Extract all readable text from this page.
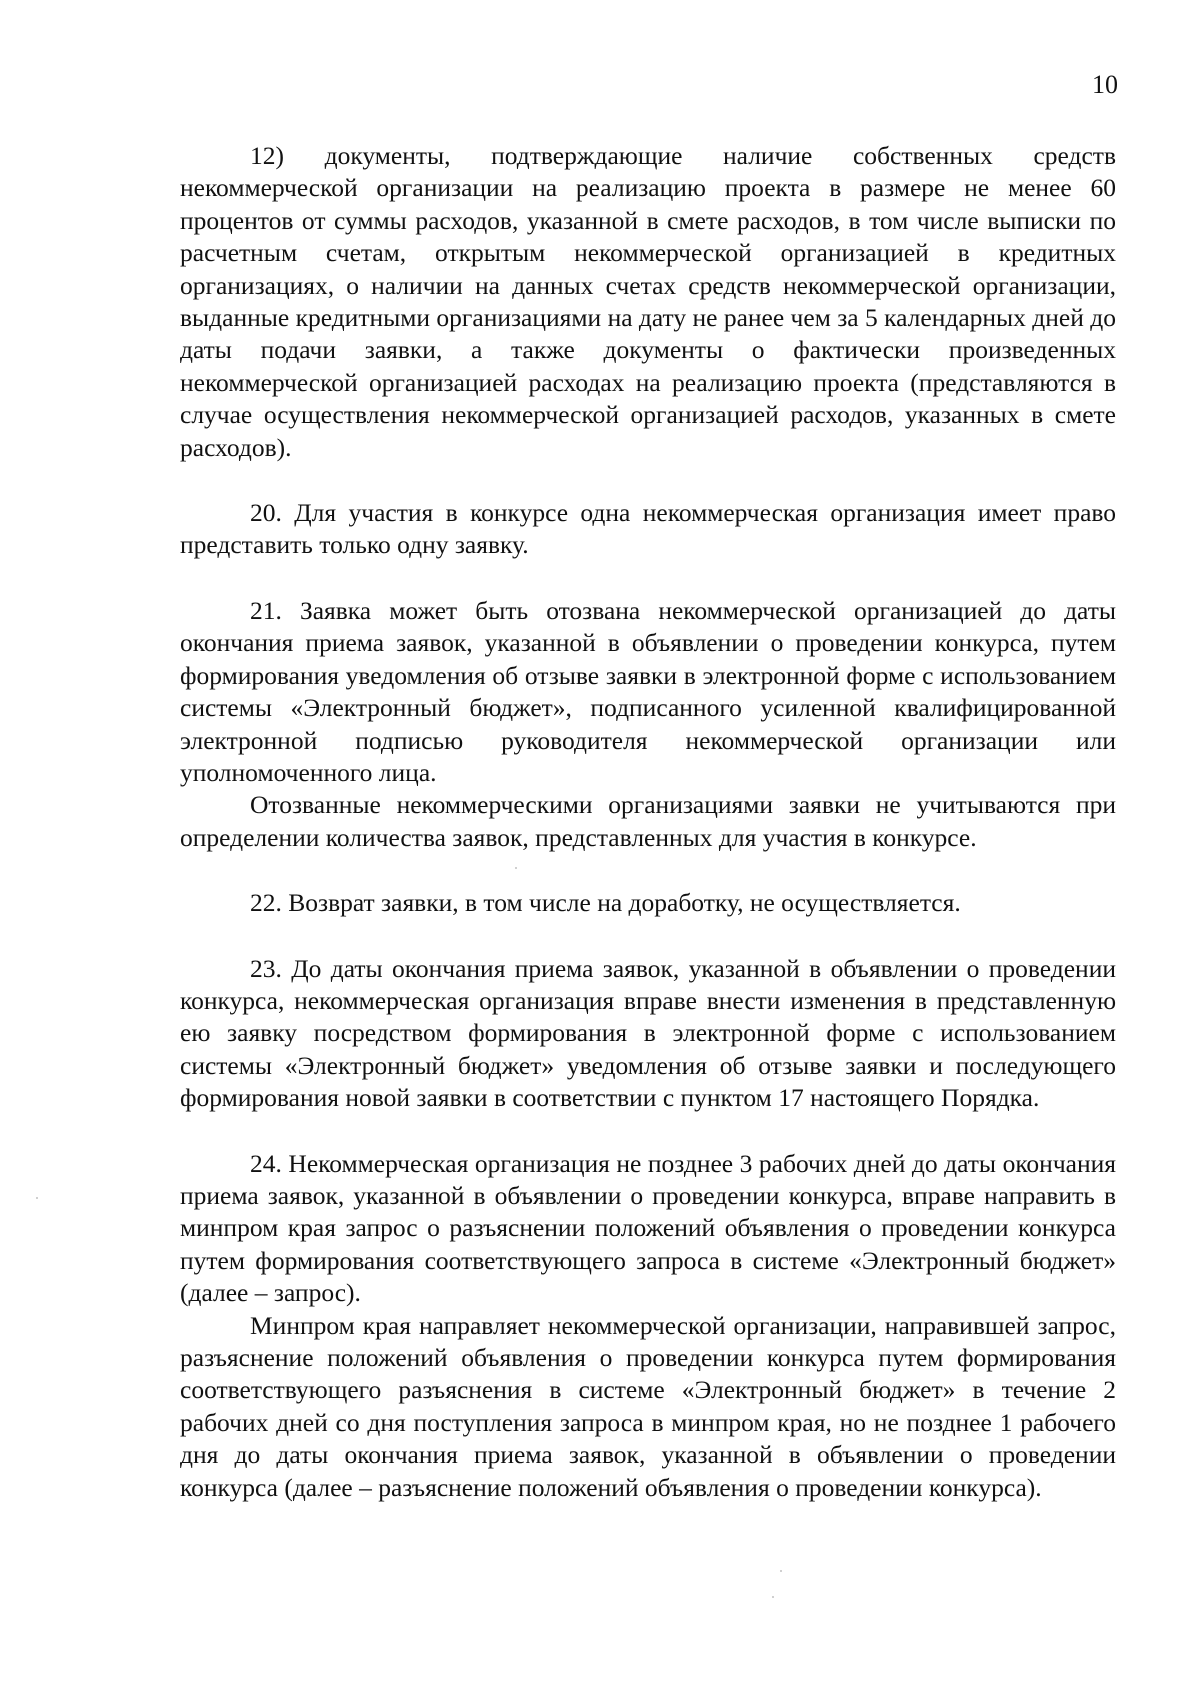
10

12) документы, подтверждающие наличие собственных средств некоммерческой организации на реализацию проекта в размере не менее 60 процентов от суммы расходов, указанной в смете расходов, в том числе выписки по расчетным счетам, открытым некоммерческой организацией в кредитных организациях, о наличии на данных счетах средств некоммерческой организации, выданные кредитными организациями на дату не ранее чем за 5 календарных дней до даты подачи заявки, а также документы о фактически произведенных некоммерческой организацией расходах на реализацию проекта (представляются в случае осуществления некоммерческой организацией расходов, указанных в смете расходов).

20. Для участия в конкурсе одна некоммерческая организация имеет право представить только одну заявку.

21. Заявка может быть отозвана некоммерческой организацией до даты окончания приема заявок, указанной в объявлении о проведении конкурса, путем формирования уведомления об отзыве заявки в электронной форме с использованием системы «Электронный бюджет», подписанного усиленной квалифицированной электронной подписью руководителя некоммерческой организации или уполномоченного лица.

Отозванные некоммерческими организациями заявки не учитываются при определении количества заявок, представленных для участия в конкурсе.

22. Возврат заявки, в том числе на доработку, не осуществляется.

23. До даты окончания приема заявок, указанной в объявлении о проведении конкурса, некоммерческая организация вправе внести изменения в представленную ею заявку посредством формирования в электронной форме с использованием системы «Электронный бюджет» уведомления об отзыве заявки и последующего формирования новой заявки в соответствии с пунктом 17 настоящего Порядка.

24. Некоммерческая организация не позднее 3 рабочих дней до даты окончания приема заявок, указанной в объявлении о проведении конкурса, вправе направить в минпром края запрос о разъяснении положений объявления о проведении конкурса путем формирования соответствующего запроса в системе «Электронный бюджет» (далее – запрос).

Минпром края направляет некоммерческой организации, направившей запрос, разъяснение положений объявления о проведении конкурса путем формирования соответствующего разъяснения в системе «Электронный бюджет» в течение 2 рабочих дней со дня поступления запроса в минпром края, но не позднее 1 рабочего дня до даты окончания приема заявок, указанной в объявлении о проведении конкурса (далее – разъяснение положений объявления о проведении конкурса).
